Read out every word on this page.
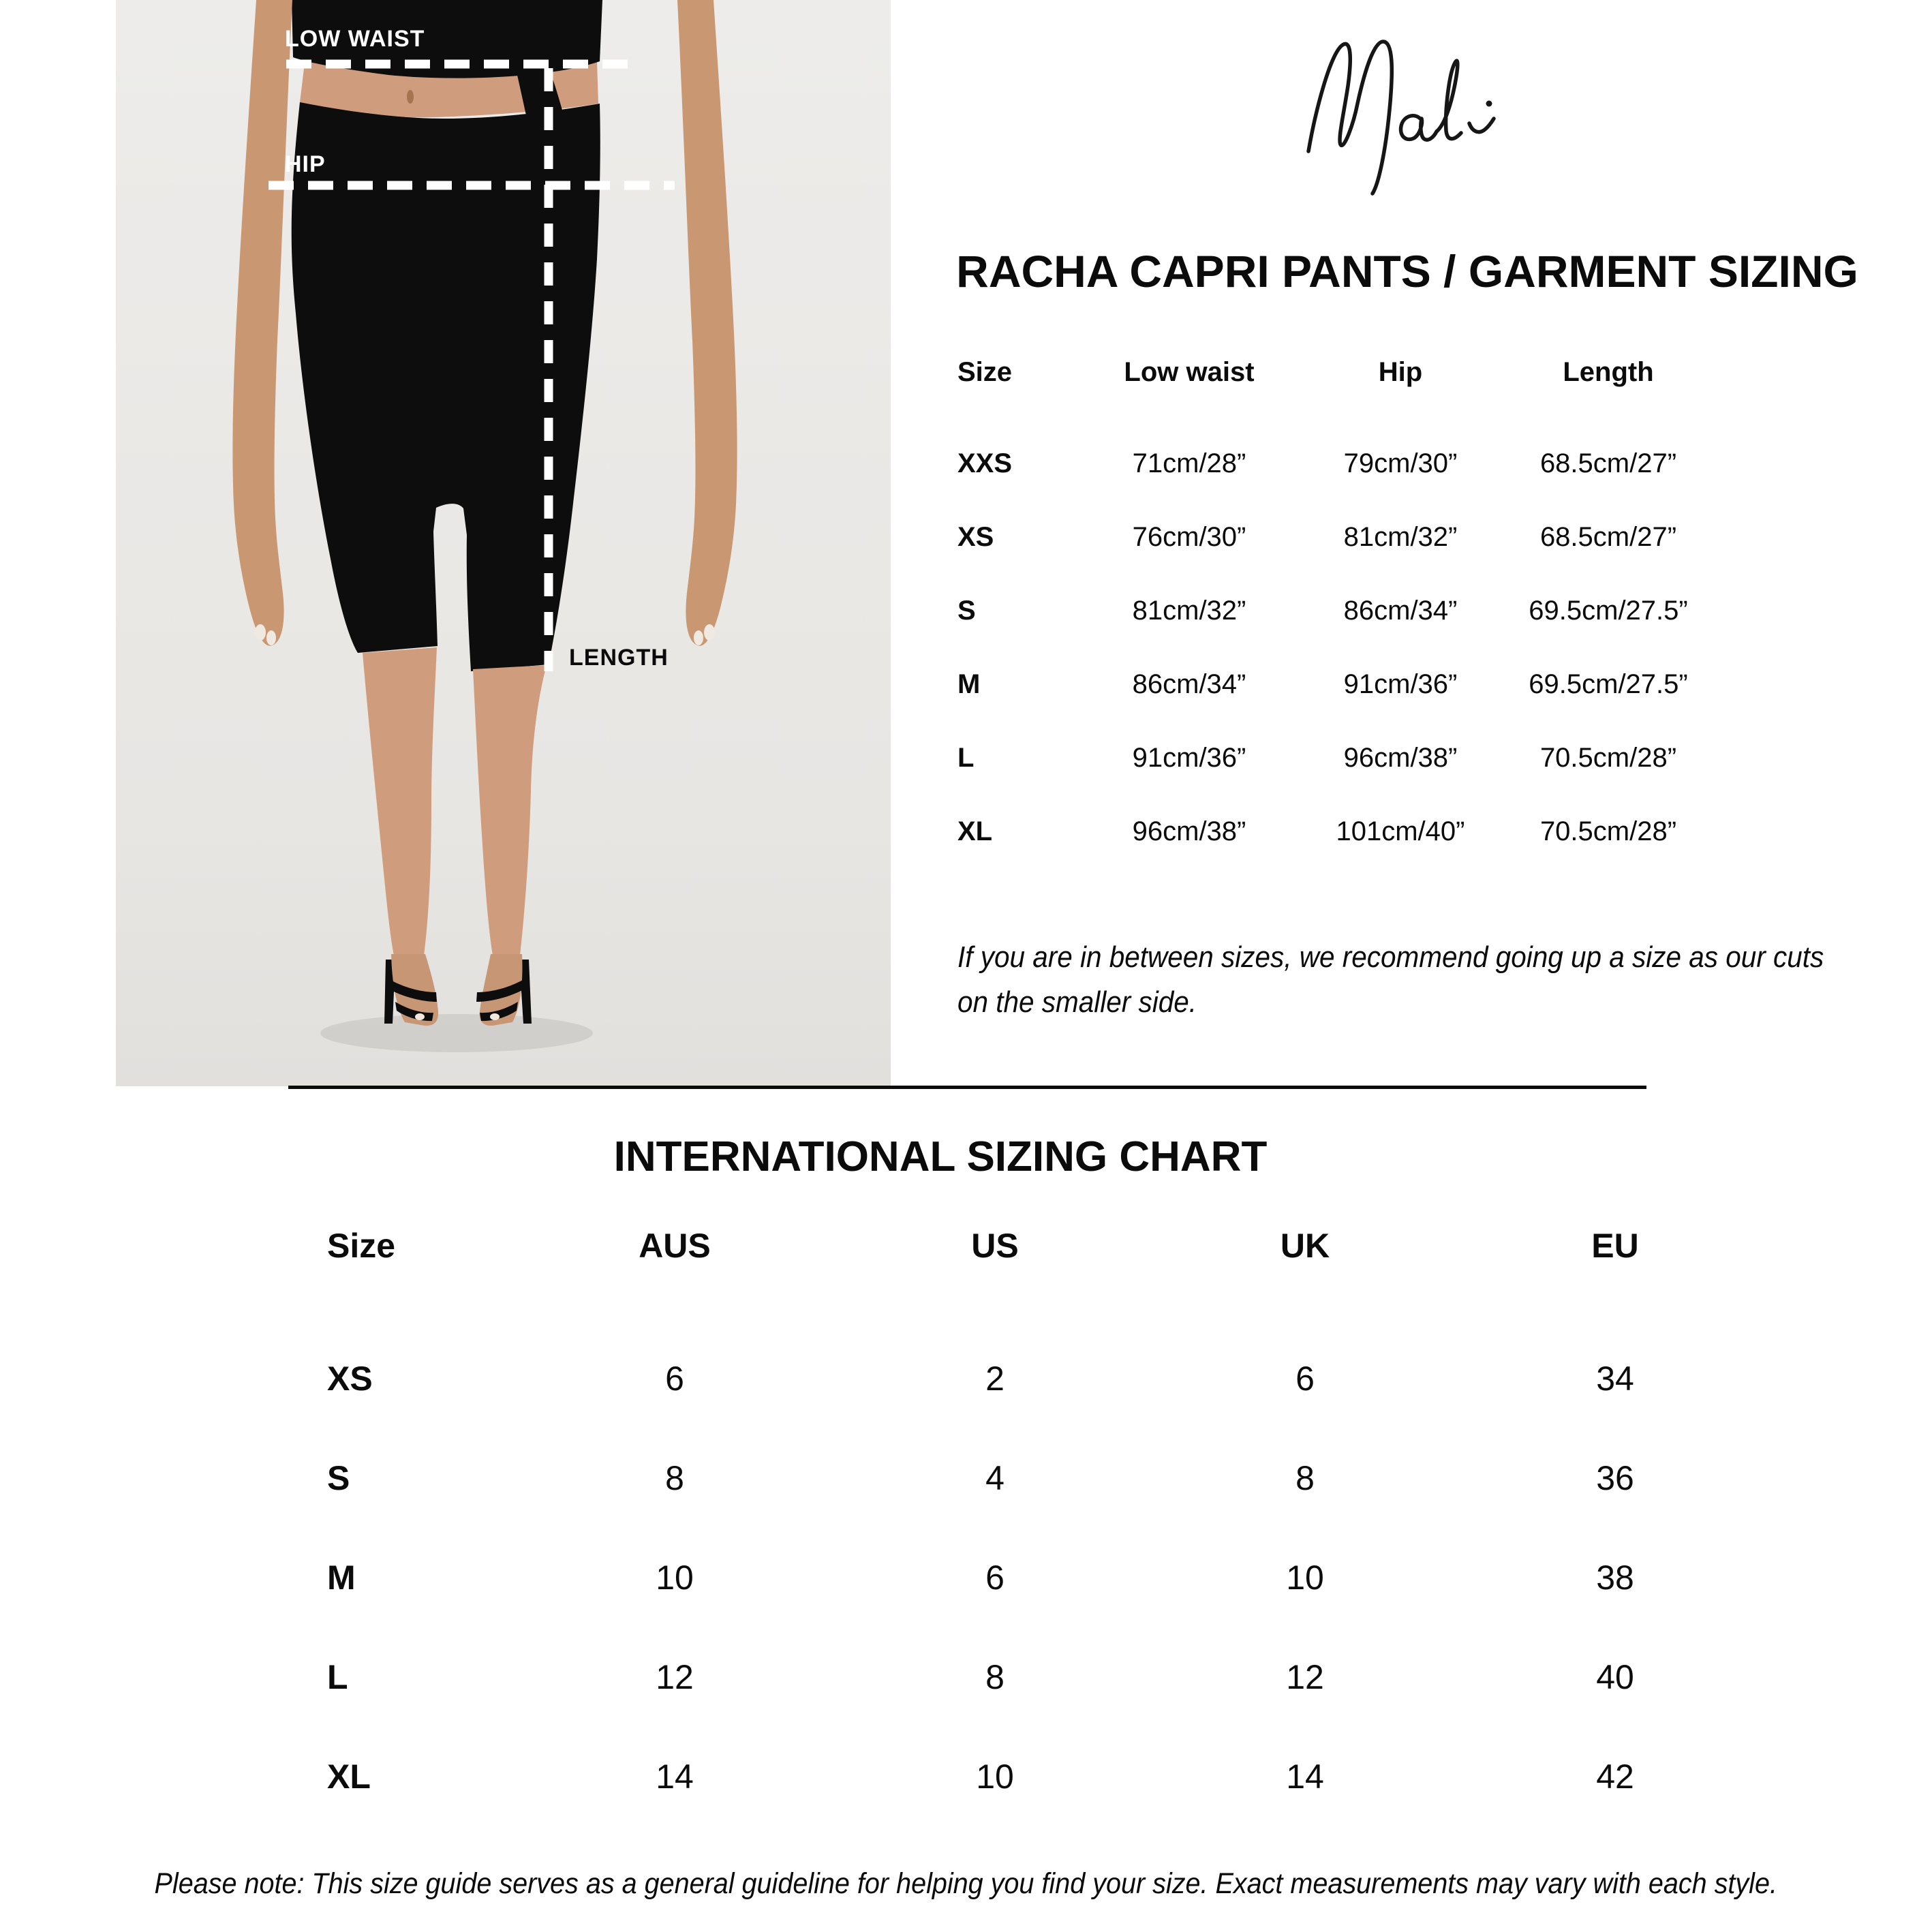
LOW WAIST
HIP
LENGTH
RACHA CAPRI PANTS / GARMENT SIZING
Size	Low waist	Hip	Length
XXS	71cm/28”	79cm/30”	68.5cm/27”
XS	76cm/30”	81cm/32”	68.5cm/27”
S	81cm/32”	86cm/34”	69.5cm/27.5”
M	86cm/34”	91cm/36”	69.5cm/27.5”
L	91cm/36”	96cm/38”	70.5cm/28”
XL	96cm/38”	101cm/40”	70.5cm/28”
If you are in between sizes, we recommend going up a size as our cuts on the smaller side.
INTERNATIONAL SIZING CHART
Size	AUS	US	UK	EU
XS	6	2	6	34
S	8	4	8	36
M	10	6	10	38
L	12	8	12	40
XL	14	10	14	42
Please note: This size guide serves as a general guideline for helping you find your size. Exact measurements may vary with each style.
